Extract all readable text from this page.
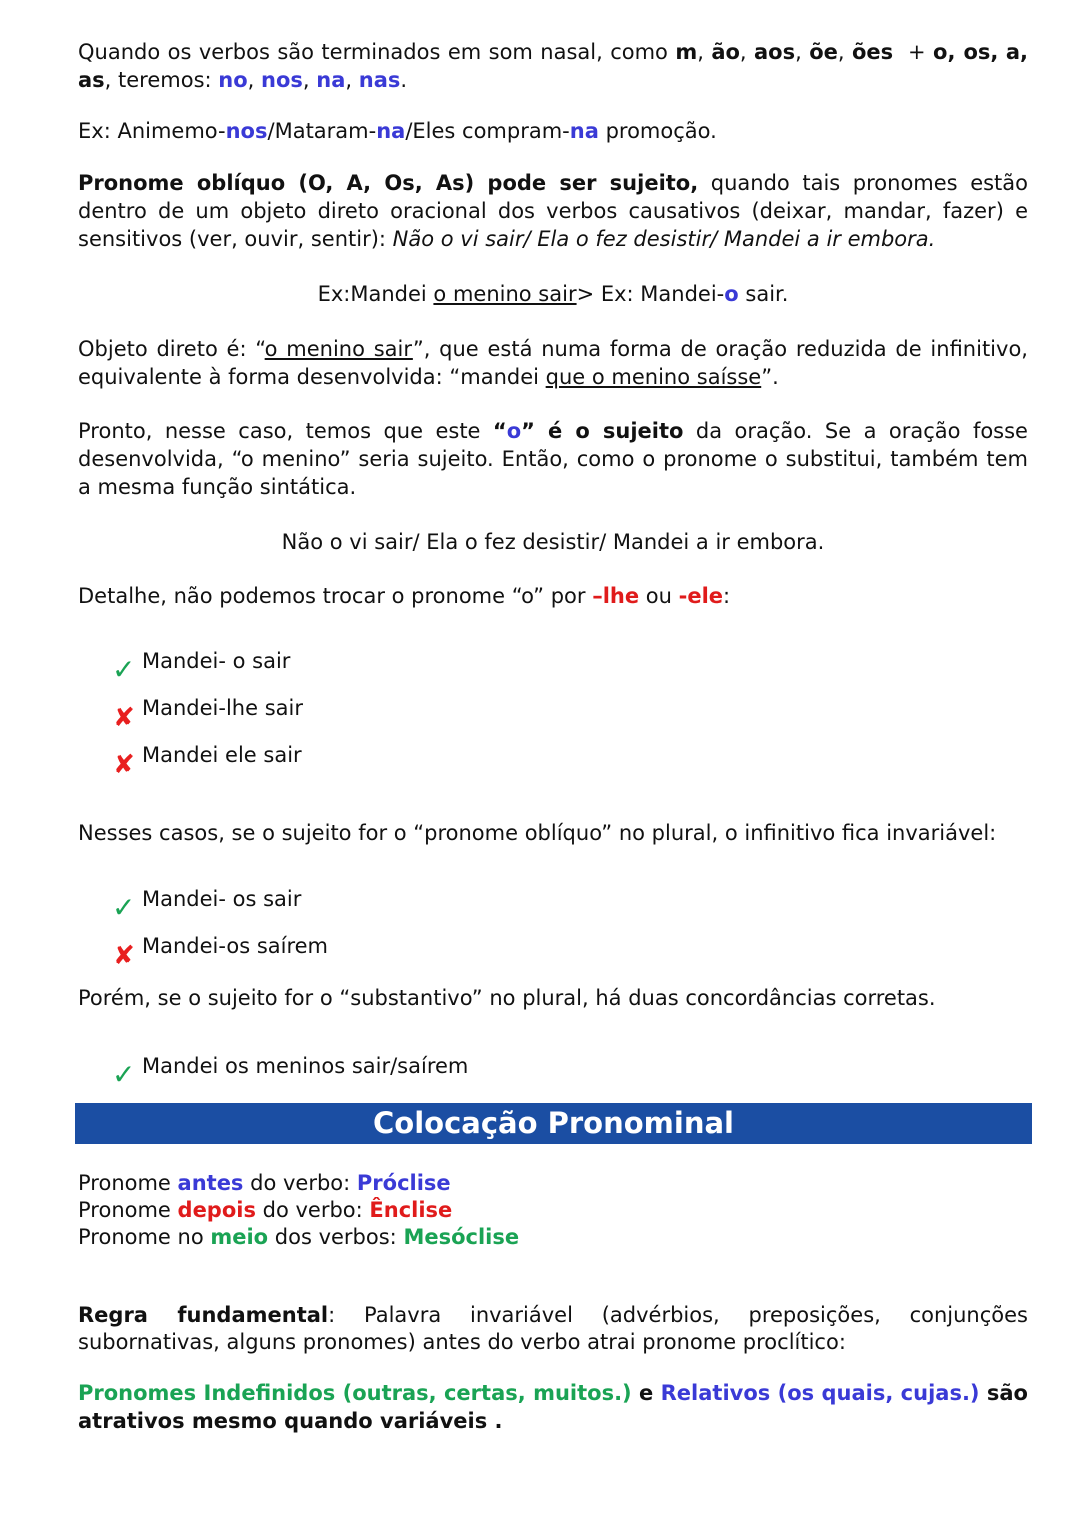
Quando os verbos são terminados em som nasal, como m, ão, aos, õe, ões  + o, os, a, as, teremos: no, nos, na, nas.

Ex: Animemo-nos/Mataram-na/Eles compram-na promoção.

Pronome oblíquo (O, A, Os, As) pode ser sujeito, quando tais pronomes estão dentro de um objeto direto oracional dos verbos causativos (deixar, mandar, fazer) e sensitivos (ver, ouvir, sentir): Não o vi sair/ Ela o fez desistir/ Mandei a ir embora.

Ex:Mandei o menino sair> Ex: Mandei-o sair.

Objeto direto é: “o menino sair”, que está numa forma de oração reduzida de infinitivo, equivalente à forma desenvolvida: “mandei que o menino saísse”.

Pronto, nesse caso, temos que este “o” é o sujeito da oração. Se a oração fosse desenvolvida, “o menino” seria sujeito. Então, como o pronome o substitui, também tem a mesma função sintática.

Não o vi sair/ Ela o fez desistir/ Mandei a ir embora.

Detalhe, não podemos trocar o pronome “o” por –lhe ou -ele:

✓ Mandei- o sair
✘ Mandei-lhe sair
✘ Mandei ele sair

Nesses casos, se o sujeito for o “pronome oblíquo” no plural, o infinitivo fica invariável:

✓ Mandei- os sair
✘ Mandei-os saírem

Porém, se o sujeito for o “substantivo” no plural, há duas concordâncias corretas.

✓ Mandei os meninos sair/saírem
Colocação Pronominal
Pronome antes do verbo: Próclise
Pronome depois do verbo: Ênclise
Pronome no meio dos verbos: Mesóclise

Regra fundamental: Palavra invariável (advérbios, preposições, conjunções subornativas, alguns pronomes) antes do verbo atrai pronome proclítico:

Pronomes Indefinidos (outras, certas, muitos.) e Relativos (os quais, cujas.) são atrativos mesmo quando variáveis .
